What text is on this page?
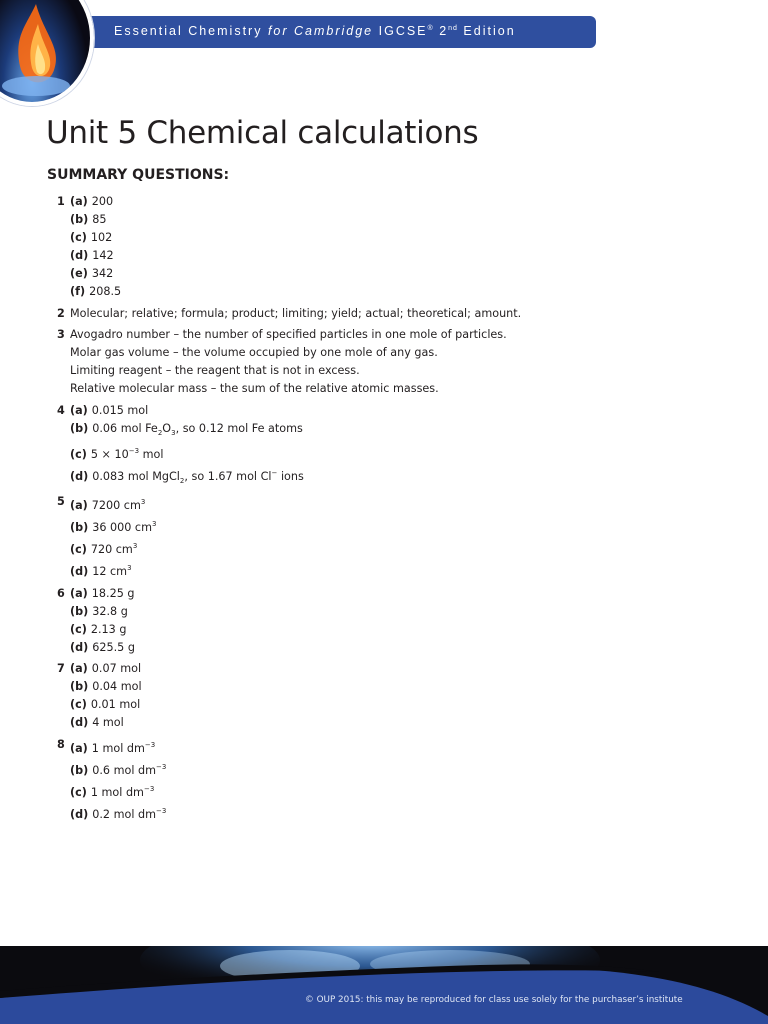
Essential Chemistry for Cambridge IGCSE® 2nd Edition
Unit 5 Chemical calculations
SUMMARY QUESTIONS:
1 (a) 200
(b) 85
(c) 102
(d) 142
(e) 342
(f) 208.5
2 Molecular; relative; formula; product; limiting; yield; actual; theoretical; amount.
3 Avogadro number – the number of specified particles in one mole of particles.
Molar gas volume – the volume occupied by one mole of any gas.
Limiting reagent – the reagent that is not in excess.
Relative molecular mass – the sum of the relative atomic masses.
4 (a) 0.015 mol
(b) 0.06 mol $Fe_2O_3$, so 0.12 mol Fe atoms
(c) $5 \times 10^{-3}$ mol
(d) 0.083 mol MgCl$_2$, so 1.67 mol Cl− ions
5 (a) 7200 $cm^3$
(b) 36 000 $cm^3$
(c) 720 $cm^3$
(d) 12 $cm^3$
6 (a) 18.25 g
(b) 32.8 g
(c) 2.13 g
(d) 625.5 g
7 (a) 0.07 mol
(b) 0.04 mol
(c) 0.01 mol
(d) 4 mol
8 (a) 1 mol $dm^{-3}$
(b) 0.6 mol $dm^{-3}$
(c) 1 mol $dm^{-3}$
(d) 0.2 mol $dm^{-3}$
© OUP 2015: this may be reproduced for class use solely for the purchaser’s institute
